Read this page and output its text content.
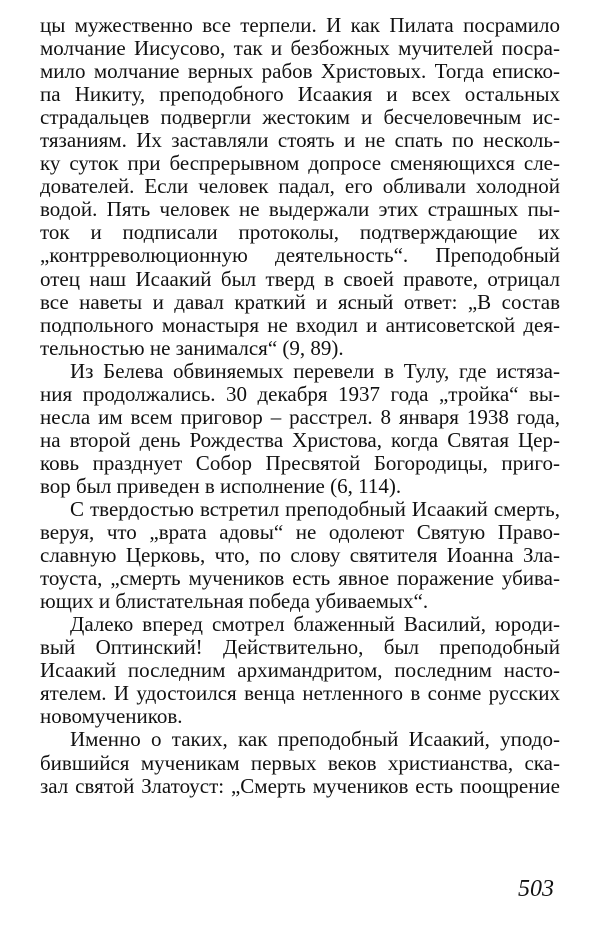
цы мужественно все терпели. И как Пилата посрамило
молчание Иисусово, так и безбожных мучителей посра-
мило молчание верных рабов Христовых. Тогда еписко-
па Никиту, преподобного Исаакия и всех остальных
страдальцев подвергли жестоким и бесчеловечным ис-
тязаниям. Их заставляли стоять и не спать по несколь-
ку суток при беспрерывном допросе сменяющихся сле-
дователей. Если человек падал, его обливали холодной
водой. Пять человек не выдержали этих страшных пы-
ток и подписали протоколы, подтверждающие их
„контрреволюционную деятельность“. Преподобный
отец наш Исаакий был тверд в своей правоте, отрицал
все наветы и давал краткий и ясный ответ: „В состав
подпольного монастыря не входил и антисоветской дея-
тельностью не занимался“ (9, 89).
Из Белева обвиняемых перевели в Тулу, где истяза-
ния продолжались. 30 декабря 1937 года „тройка“ вы-
несла им всем приговор – расстрел. 8 января 1938 года,
на второй день Рождества Христова, когда Святая Цер-
ковь празднует Собор Пресвятой Богородицы, приго-
вор был приведен в исполнение (6, 114).
С твердостью встретил преподобный Исаакий смерть,
веруя, что „врата адовы“ не одолеют Святую Право-
славную Церковь, что, по слову святителя Иоанна Зла-
тоуста, „смерть мучеников есть явное поражение убива-
ющих и блистательная победа убиваемых“.
Далеко вперед смотрел блаженный Василий, юроди-
вый Оптинский! Действительно, был преподобный
Исаакий последним архимандритом, последним насто-
ятелем. И удостоился венца нетленного в сонме русских
новомучеников.
Именно о таких, как преподобный Исаакий, уподо-
бившийся мученикам первых веков христианства, ска-
зал святой Златоуст: „Смерть мучеников есть поощрение
503
